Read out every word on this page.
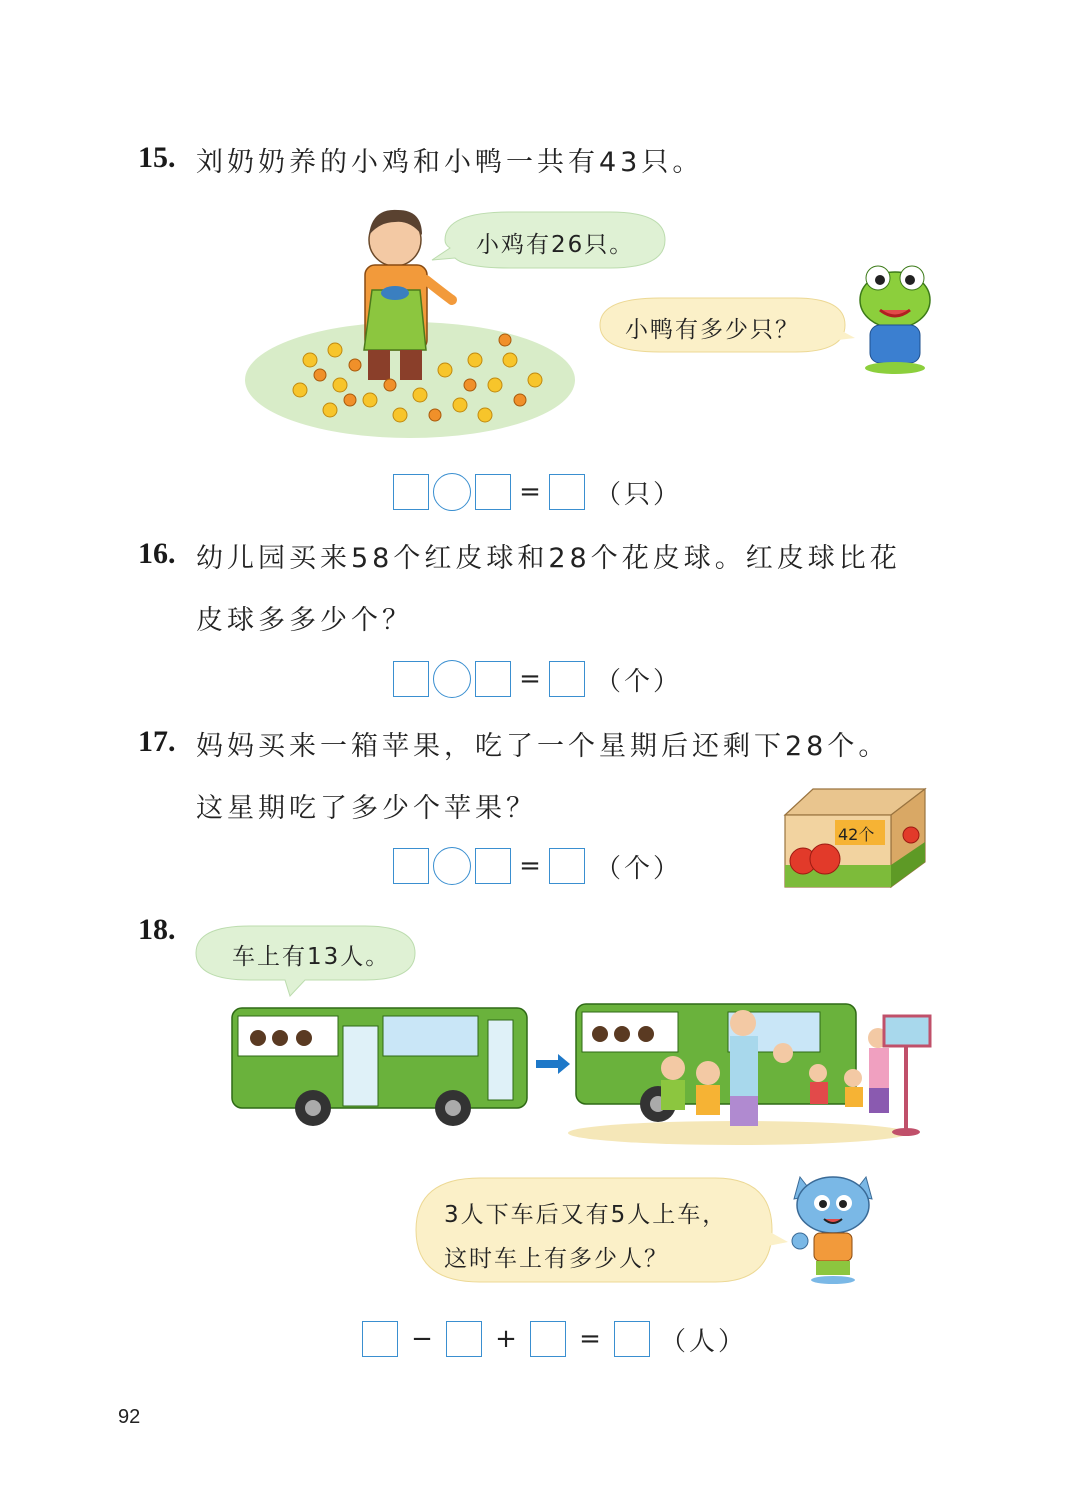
15. 刘奶奶养的小鸡和小鸭一共有43只。
小鸡有26只。
小鸭有多少只？
= （只）
16. 幼儿园买来58个红皮球和28个花皮球。红皮球比花
皮球多多少个？
= （个）
17. 妈妈买来一箱苹果，吃了一个星期后还剩下28个。
这星期吃了多少个苹果？
42个
= （个）
18.
车上有13人。
3人下车后又有5人上车，
这时车上有多少人？
−	+	=	（人）
92
